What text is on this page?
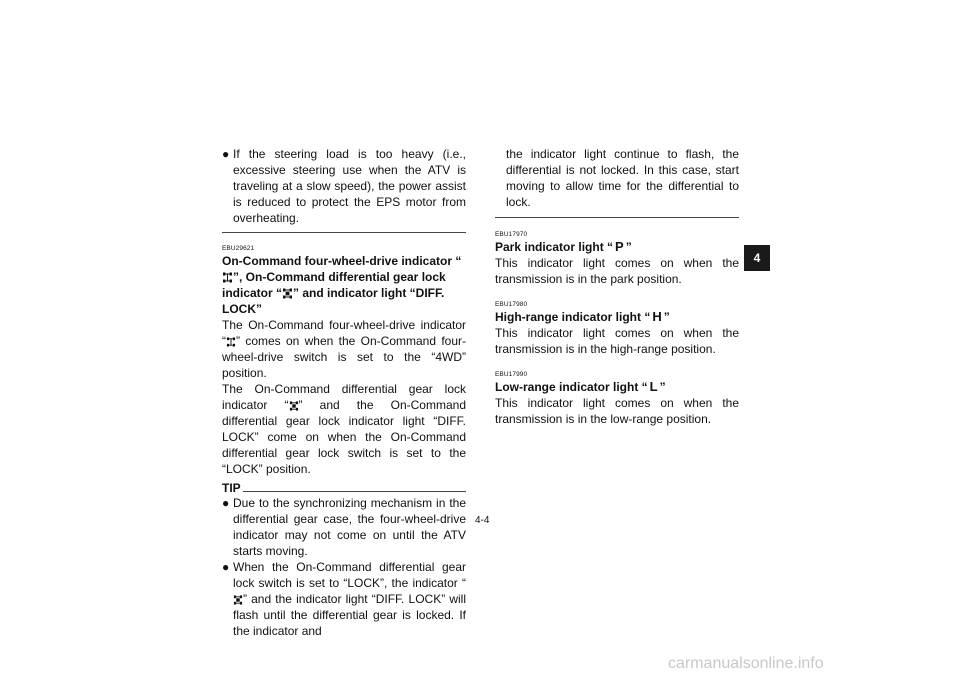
● If the steering load is too heavy (i.e., excessive steering use when the ATV is traveling at a slow speed), the power assist is reduced to protect the EPS motor from overheating.

EBU29621

On-Command four-wheel-drive indicator “”, On-Command differential gear lock indicator “ ” and indicator light “DIFF. LOCK”

The On-Command four-wheel-drive indicator “ ” comes on when the On-Command four-wheel-drive switch is set to the “4WD” position.

The On-Command differential gear lock indicator “ ” and the On-Command differential gear lock indicator light “DIFF. LOCK” come on when the On-Command differential gear lock switch is set to the “LOCK” position.

TIP
● Due to the synchronizing mechanism in the differential gear case, the four-wheel-drive indicator may not come on until the ATV starts moving.
● When the On-Command differential gear lock switch is set to “LOCK”, the indicator “” and the indicator light “DIFF. LOCK” will flash until the differential gear is locked. If the indicator and

the indicator light continue to flash, the differential is not locked. In this case, start moving to allow time for the differential to lock.

EBU17970

Park indicator light “ P ”

This indicator light comes on when the transmission is in the park position.

EBU17980

High-range indicator light “ H ”

This indicator light comes on when the transmission is in the high-range position.

EBU17990

Low-range indicator light “ L ”

This indicator light comes on when the transmission is in the low-range position.

4
4-4
carmanualsonline.info
